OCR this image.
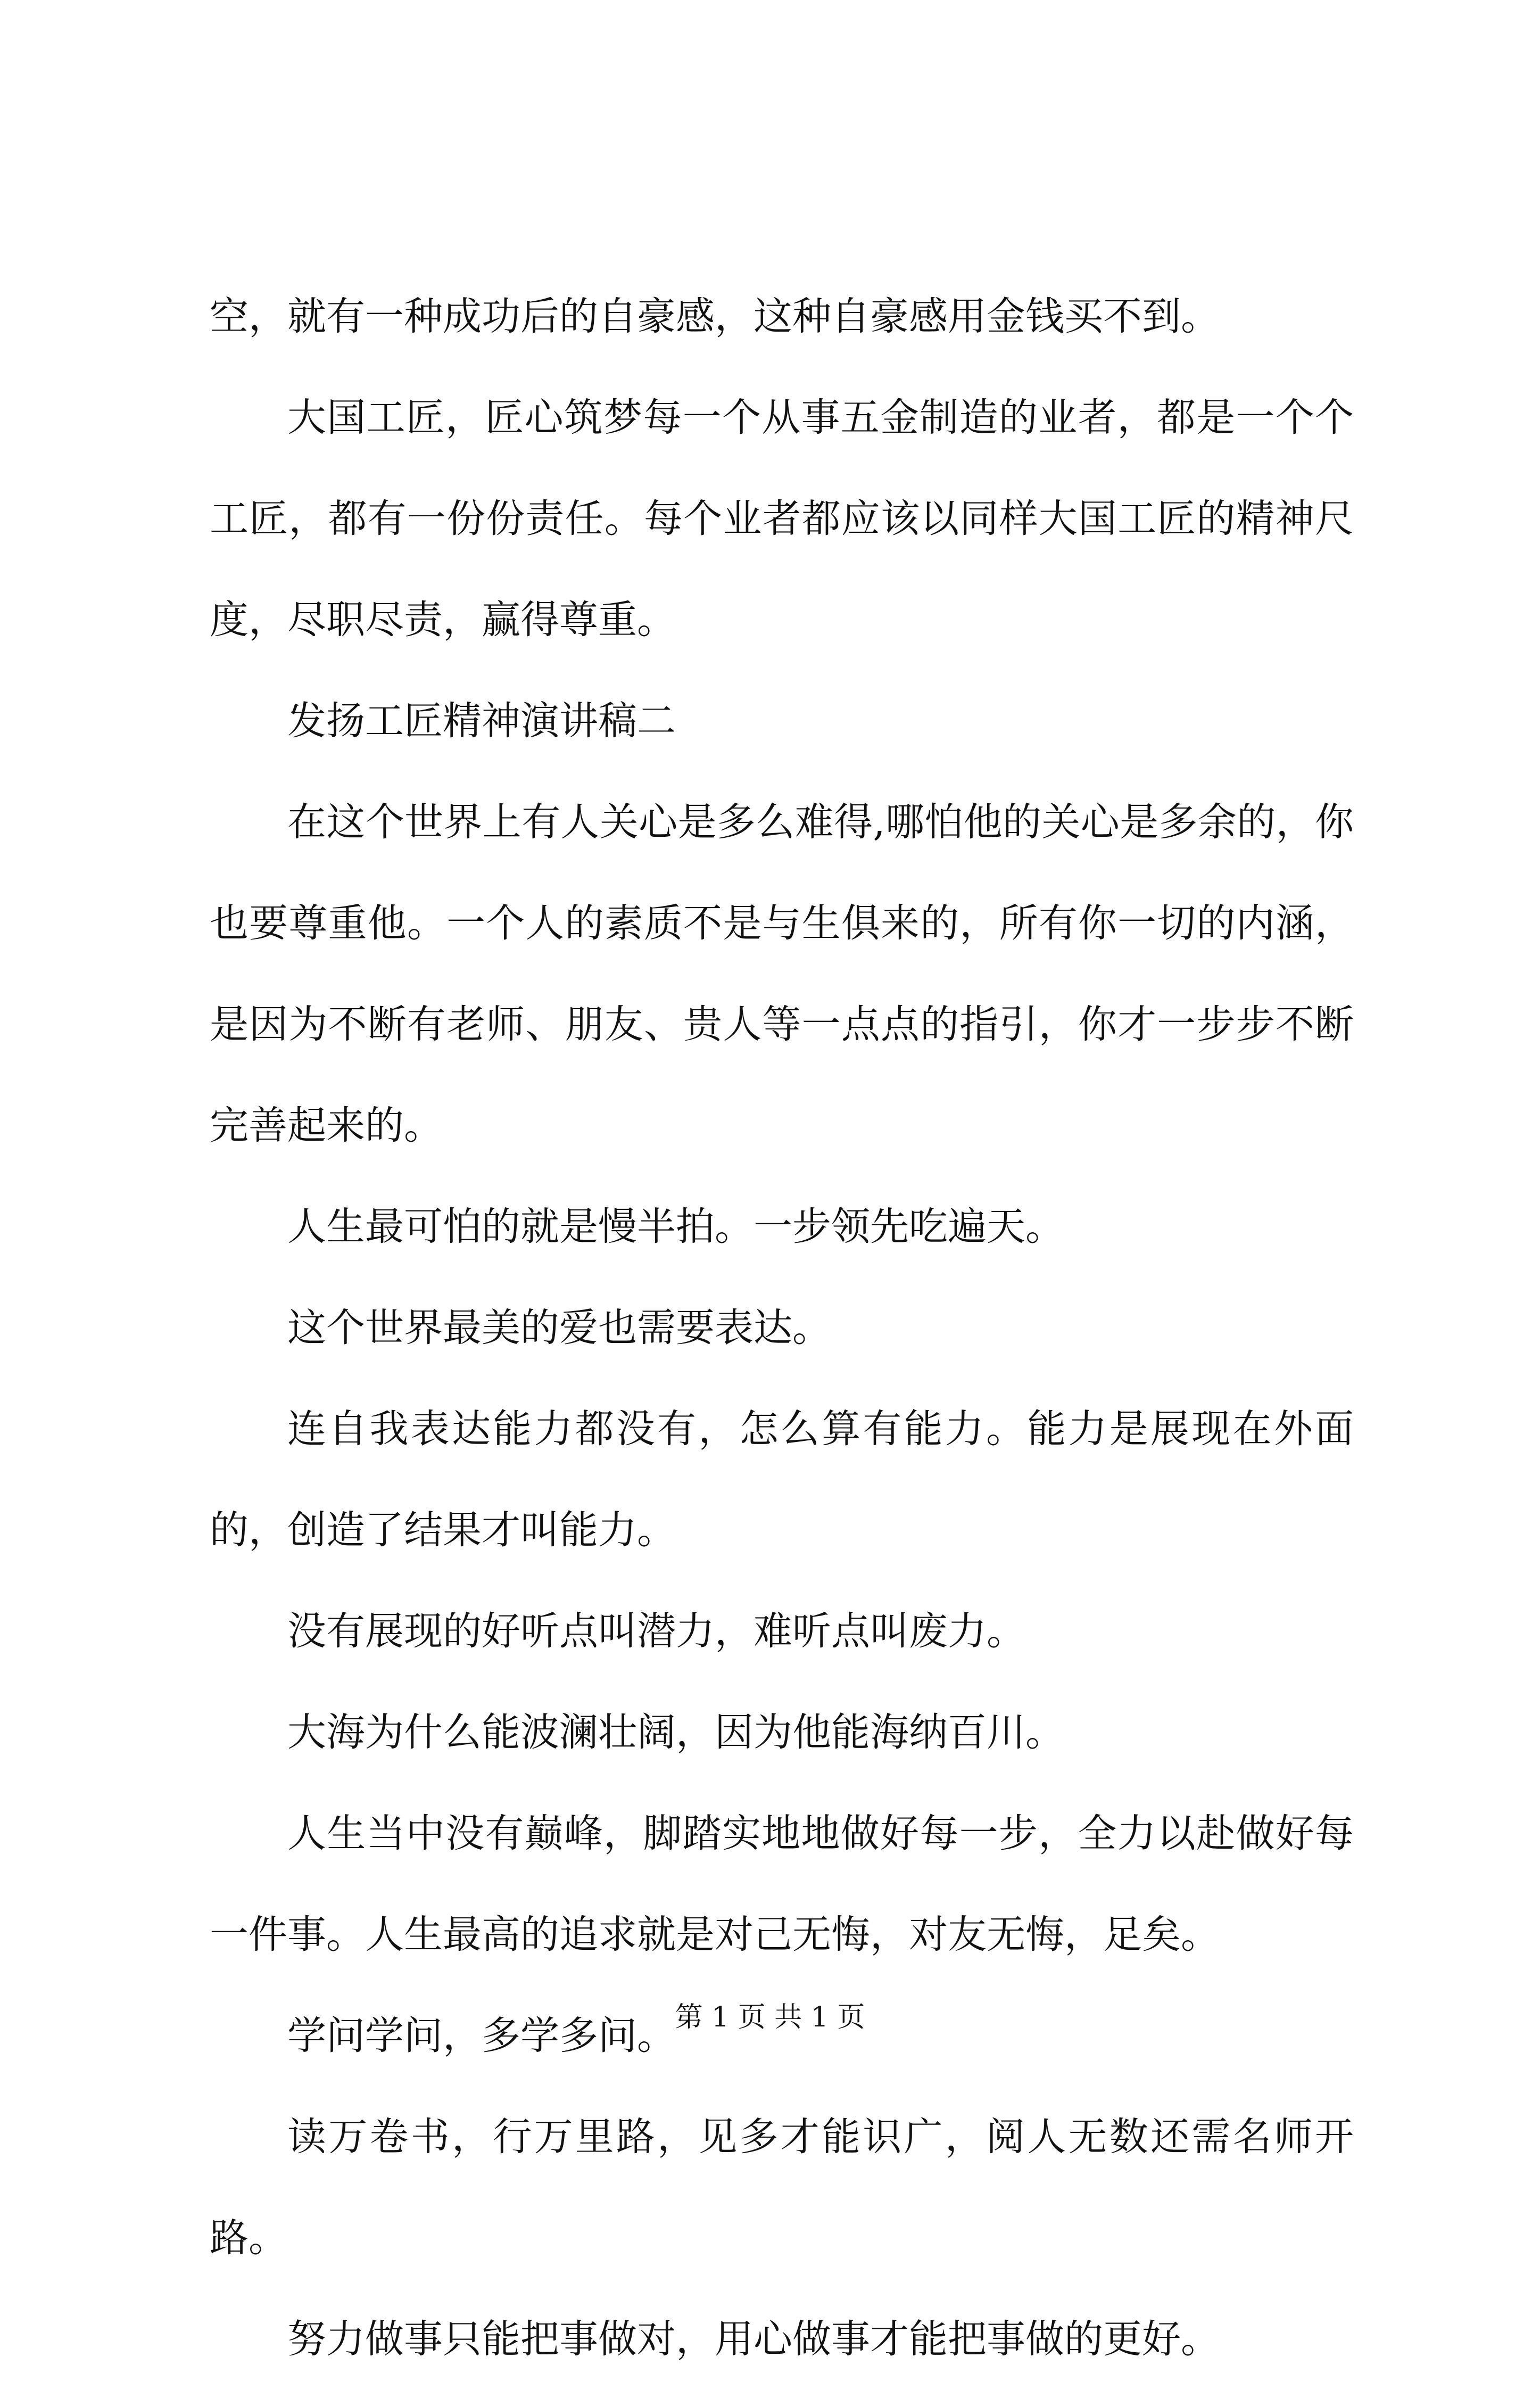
空，就有一种成功后的自豪感，这种自豪感用金钱买不到。

大国工匠，匠心筑梦每一个从事五金制造的业者，都是一个个工匠，都有一份份责任。每个业者都应该以同样大国工匠的精神尺度，尽职尽责，赢得尊重。

发扬工匠精神演讲稿二

在这个世界上有人关心是多么难得,哪怕他的关心是多余的，你也要尊重他。一个人的素质不是与生俱来的，所有你一切的内涵，是因为不断有老师、朋友、贵人等一点点的指引，你才一步步不断完善起来的。

人生最可怕的就是慢半拍。一步领先吃遍天。

这个世界最美的爱也需要表达。

连自我表达能力都没有，怎么算有能力。能力是展现在外面的，创造了结果才叫能力。

没有展现的好听点叫潜力，难听点叫废力。

大海为什么能波澜壮阔，因为他能海纳百川。

人生当中没有巅峰，脚踏实地地做好每一步，全力以赴做好每一件事。人生最高的追求就是对己无悔，对友无悔，足矣。

学问学问，多学多问。

读万卷书，行万里路，见多才能识广，阅人无数还需名师开路。

努力做事只能把事做对，用心做事才能把事做的更好。

第 1 页 共 1 页
